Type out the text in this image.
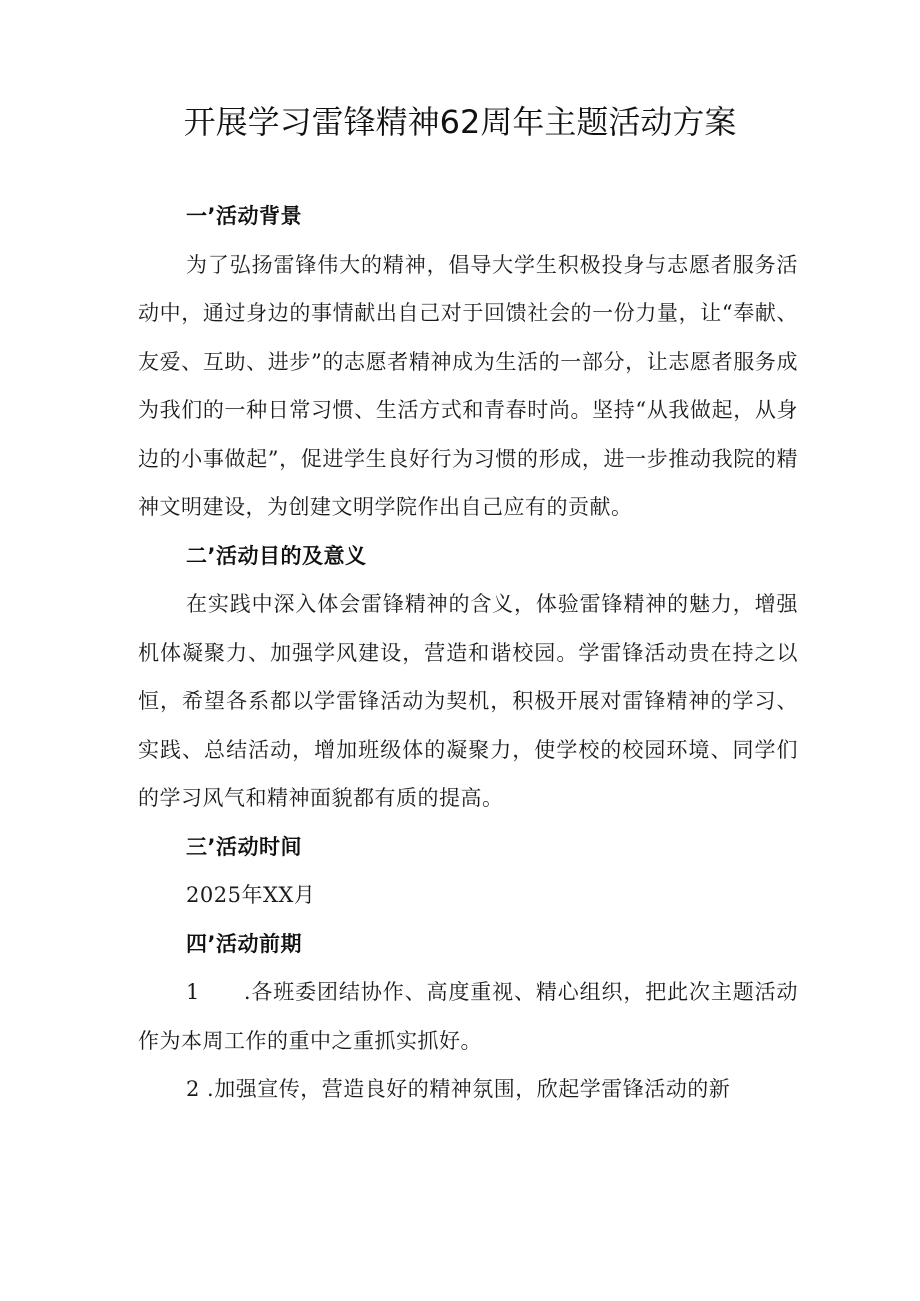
开展学习雷锋精神62周年主题活动方案

一’活动背景

为了弘扬雷锋伟大的精神，倡导大学生积极投身与志愿者服务活动中，通过身边的事情献出自己对于回馈社会的一份力量，让“奉献、友爱、互助、进步”的志愿者精神成为生活的一部分，让志愿者服务成为我们的一种日常习惯、生活方式和青春时尚。坚持“从我做起，从身边的小事做起”，促进学生良好行为习惯的形成，进一步推动我院的精神文明建设，为创建文明学院作出自己应有的贡献。

二’活动目的及意义

在实践中深入体会雷锋精神的含义，体验雷锋精神的魅力，增强机体凝聚力、加强学风建设，营造和谐校园。学雷锋活动贵在持之以恒，希望各系都以学雷锋活动为契机，积极开展对雷锋精神的学习、实践、总结活动，增加班级体的凝聚力，使学校的校园环境、同学们的学习风气和精神面貌都有质的提高。

三’活动时间

2025年XX月

四’活动前期

1 .各班委团结协作、高度重视、精心组织，把此次主题活动作为本周工作的重中之重抓实抓好。

2 .加强宣传，营造良好的精神氛围，欣起学雷锋活动的新
